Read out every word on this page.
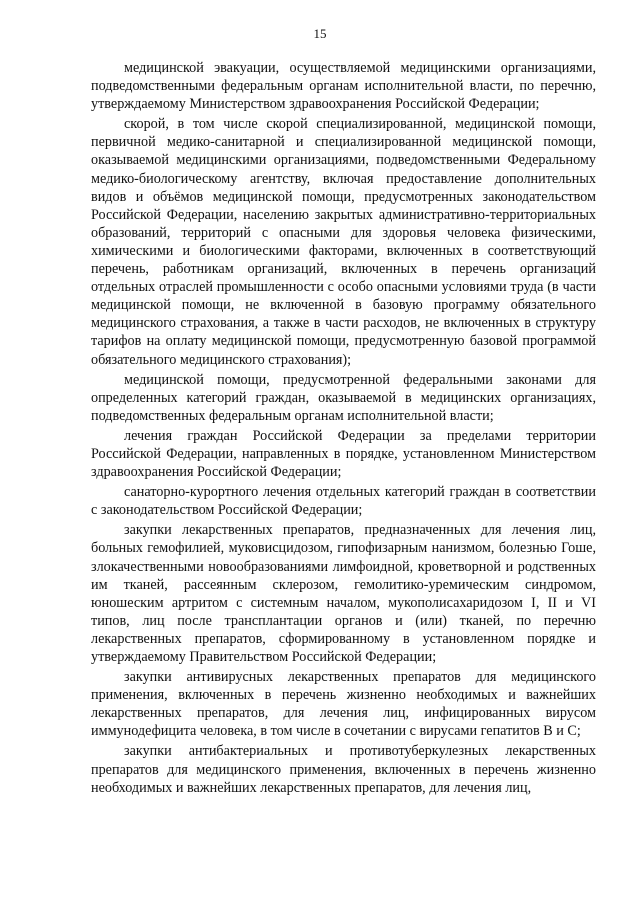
15

медицинской эвакуации, осуществляемой медицинскими организациями, подведомственными федеральным органам исполнительной власти, по перечню, утверждаемому Министерством здравоохранения Российской Федерации;

скорой, в том числе скорой специализированной, медицинской помощи, первичной медико-санитарной и специализированной медицинской помощи, оказываемой медицинскими организациями, подведомственными Федеральному медико-биологическому агентству, включая предоставление дополнительных видов и объёмов медицинской помощи, предусмотренных законодательством Российской Федерации, населению закрытых административно-территориальных образований, территорий с опасными для здоровья человека физическими, химическими и биологическими факторами, включенных в соответствующий перечень, работникам организаций, включенных в перечень организаций отдельных отраслей промышленности с особо опасными условиями труда (в части медицинской помощи, не включенной в базовую программу обязательного медицинского страхования, а также в части расходов, не включенных в структуру тарифов на оплату медицинской помощи, предусмотренную базовой программой обязательного медицинского страхования);

медицинской помощи, предусмотренной федеральными законами для определенных категорий граждан, оказываемой в медицинских организациях, подведомственных федеральным органам исполнительной власти;

лечения граждан Российской Федерации за пределами территории Российской Федерации, направленных в порядке, установленном Министерством здравоохранения Российской Федерации;

санаторно-курортного лечения отдельных категорий граждан в соответствии с законодательством Российской Федерации;

закупки лекарственных препаратов, предназначенных для лечения лиц, больных гемофилией, муковисцидозом, гипофизарным нанизмом, болезнью Гоше, злокачественными новообразованиями лимфоидной, кроветворной и родственных им тканей, рассеянным склерозом, гемолитико-уремическим синдромом, юношеским артритом с системным началом, мукополисахаридозом I, II и VI типов, лиц после трансплантации органов и (или) тканей, по перечню лекарственных препаратов, сформированному в установленном порядке и утверждаемому Правительством Российской Федерации;

закупки антивирусных лекарственных препаратов для медицинского применения, включенных в перечень жизненно необходимых и важнейших лекарственных препаратов, для лечения лиц, инфицированных вирусом иммунодефицита человека, в том числе в сочетании с вирусами гепатитов B и C;

закупки антибактериальных и противотуберкулезных лекарственных препаратов для медицинского применения, включенных в перечень жизненно необходимых и важнейших лекарственных препаратов, для лечения лиц,
